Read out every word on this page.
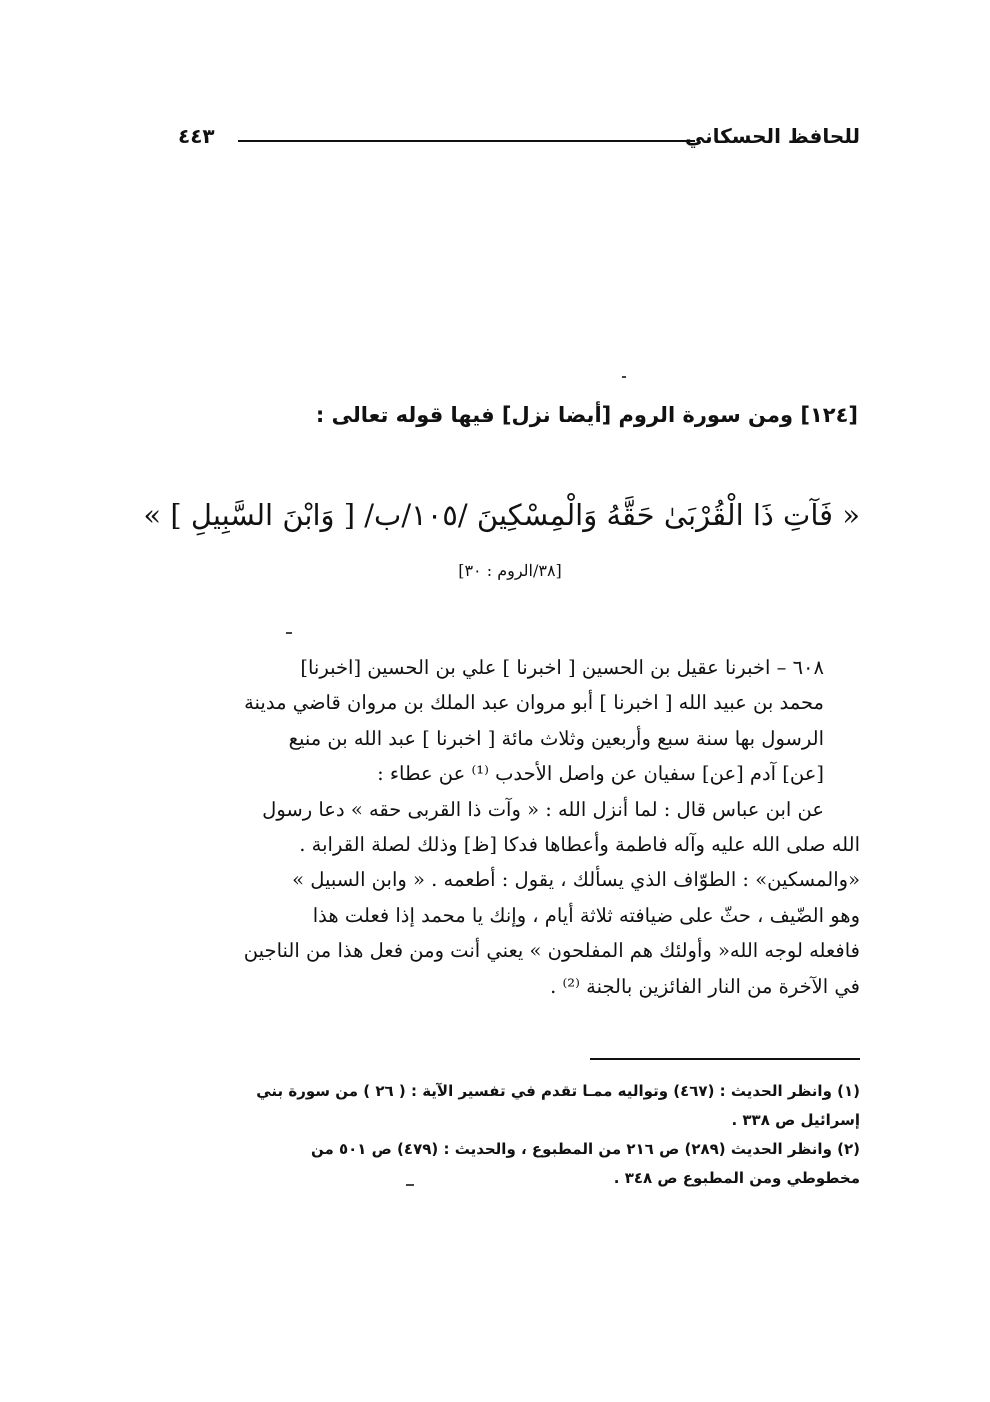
للحافظ الحسكاني
٤٤٣
[١٢٤] ومن سورة الروم [أيضا نزل] فيها قوله تعالى :
« فَآتِ ذَا الْقُرْبَىٰ حَقَّهُ وَالْمِسْكِينَ /١٠٥/ب/ [ وَابْنَ السَّبِيلِ ] »
[٣٨/الروم : ٣٠]

٦٠٨ – اخبرنا عقيل بن الحسين [ اخبرنا ] علي بن الحسين [اخبرنا]
محمد بن عبيد الله [ اخبرنا ] أبو مروان عبد الملك بن مروان قاضي مدينة
الرسول بها سنة سبع وأربعين وثلاث مائة [ اخبرنا ] عبد الله بن منيع
[عن] آدم [عن] سفيان عن واصل الأحدب ⁽¹⁾ عن عطاء :

عن ابن عباس قال : لما أنزل الله : « وآت ذا القربى حقه » دعا رسول
الله صلى الله عليه وآله فاطمة وأعطاها فدكا [ظ] وذلك لصلة القرابة .
«والمسكين» : الطوّاف الذي يسألك ، يقول : أطعمه . « وابن السبيل »
وهو الضّيف ، حثّ على ضيافته ثلاثة أيام ، وإنك يا محمد إذا فعلت هذا
فافعله لوجه الله« وأولئك هم المفلحون » يعني أنت ومن فعل هذا من الناجين
في الآخرة من النار الفائزين بالجنة ⁽²⁾ .

(١) وانظر الحديث : (٤٦٧) وتواليه ممـا تقدم في تفسير الآية : ( ٢٦ ) من سورة بني
إسرائيل ص ٣٣٨ .
(٢) وانظر الحديث (٢٨٩) ص ٢١٦ من المطبوع ، والحديث : (٤٧٩) ص ٥٠١ من
مخطوطي ومن المطبوع ص ٣٤٨ .
